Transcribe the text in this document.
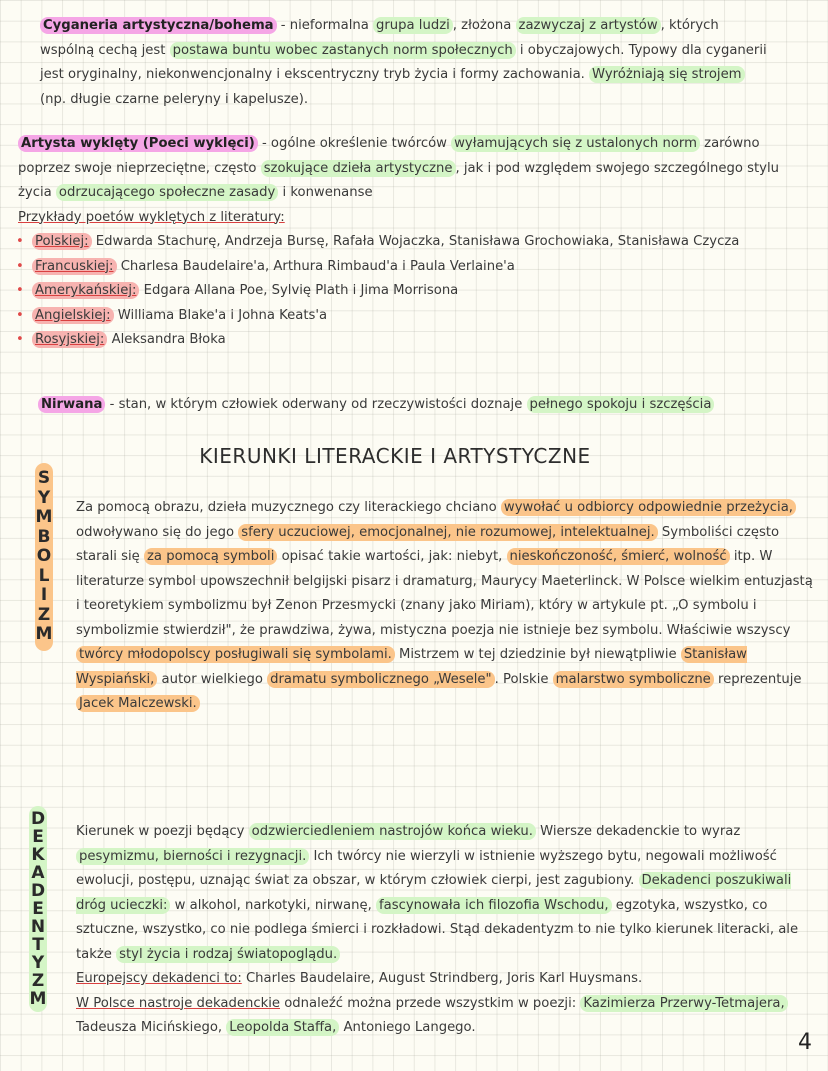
Cyganeria artystyczna/bohema - nieformalna grupa ludzi , złożona zazwyczaj z artystów , których wspólną cechą jest postawa buntu wobec zastanych norm społecznych i obyczajowych. Typowy dla cyganerii jest oryginalny, niekonwencjonalny i ekscentryczny tryb życia i formy zachowania. Wyróżniają się strojem (np. długie czarne peleryny i kapelusze).
Artysta wyklęty (Poeci wyklęci) - ogólne określenie twórców wyłamujących się z ustalonych norm zarówno poprzez swoje nieprzeciętne, często szokujące dzieła artystyczne , jak i pod względem swojego szczególnego stylu życia odrzucającego społeczne zasady i konwenanse
Przykłady poetów wyklętych z literatury:
• Polskiej: Edwarda Stachurę, Andrzeja Bursę, Rafała Wojaczka, Stanisława Grochowiaka, Stanisława Czycza
• Francuskiej: Charlesa Baudelaire'a, Arthura Rimbaud'a i Paula Verlaine'a
• Amerykańskiej: Edgara Allana Poe, Sylvię Plath i Jima Morrisona
• Angielskiej: Williama Blake'a i Johna Keats'a
• Rosyjskiej: Aleksandra Błoka
Nirwana - stan, w którym człowiek oderwany od rzeczywistości doznaje pełnego spokoju i szczęścia
KIERUNKI LITERACKIE I ARTYSTYCZNE
S
Y
M
B
O
L
I
Z
M
Za pomocą obrazu, dzieła muzycznego czy literackiego chciano wywołać u odbiorcy odpowiednie przeżycia, odwoływano się do jego sfery uczuciowej, emocjonalnej, nie rozumowej, intelektualnej. Symboliści często starali się za pomocą symboli opisać takie wartości, jak: niebyt, nieskończoność, śmierć, wolność itp. W literaturze symbol upowszechnił belgijski pisarz i dramaturg, Maurycy Maeterlinck. W Polsce wielkim entuzjastą i teoretykiem symbolizmu był Zenon Przesmycki (znany jako Miriam), który w artykule pt. „O symbolu i symbolizmie stwierdził", że prawdziwa, żywa, mistyczna poezja nie istnieje bez symbolu. Właściwie wszyscy twórcy młodopolscy posługiwali się symbolami. Mistrzem w tej dziedzinie był niewątpliwie Stanisław Wyspiański, autor wielkiego dramatu symbolicznego „Wesele" . Polskie malarstwo symboliczne reprezentuje Jacek Malczewski.
D
E
K
A
D
E
N
T
Y
Z
M
Kierunek w poezji będący odzwierciedleniem nastrojów końca wieku. Wiersze dekadenckie to wyraz pesymizmu, bierności i rezygnacji. Ich twórcy nie wierzyli w istnienie wyższego bytu, negowali możliwość ewolucji, postępu, uznając świat za obszar, w którym człowiek cierpi, jest zagubiony. Dekadenci poszukiwali dróg ucieczki: w alkohol, narkotyki, nirwanę, fascynowała ich filozofia Wschodu, egzotyka, wszystko, co sztuczne, wszystko, co nie podlega śmierci i rozkładowi. Stąd dekadentyzm to nie tylko kierunek literacki, ale także styl życia i rodzaj światopoglądu.
Europejscy dekadenci to: Charles Baudelaire, August Strindberg, Joris Karl Huysmans.
W Polsce nastroje dekadenckie odnaleźć można przede wszystkim w poezji: Kazimierza Przerwy-Tetmajera, Tadeusza Micińskiego, Leopolda Staffa, Antoniego Langego.
4
